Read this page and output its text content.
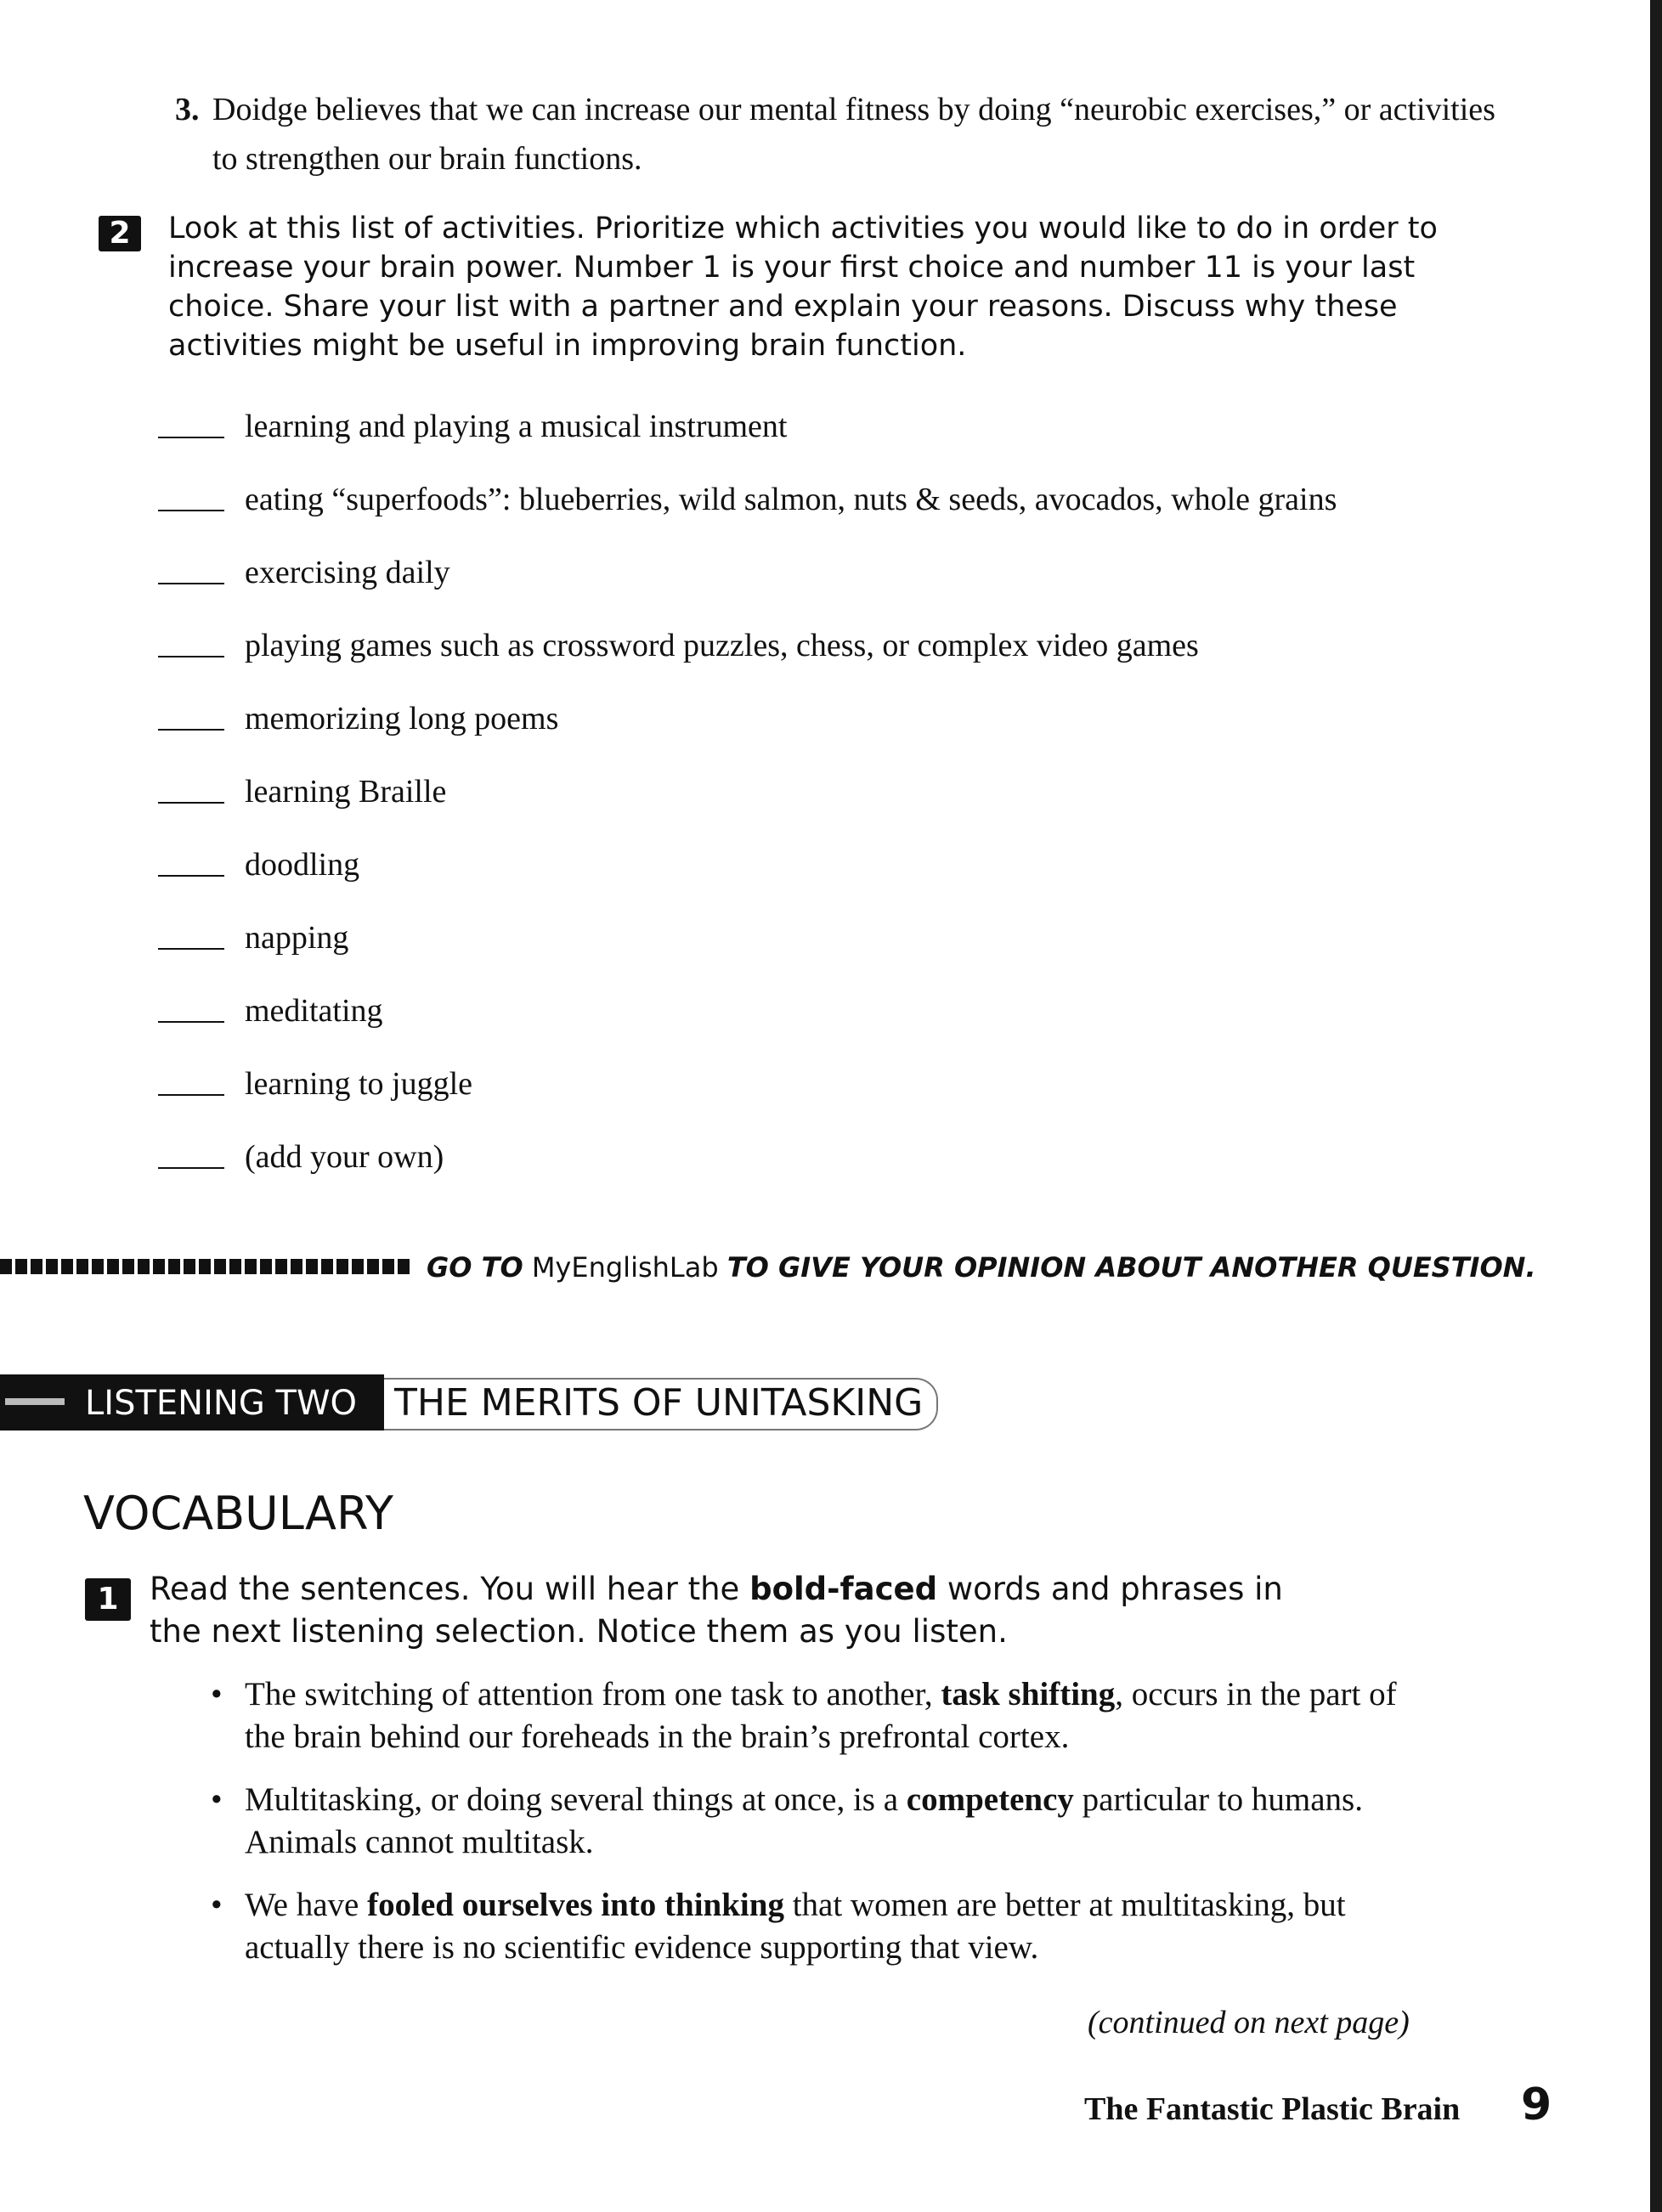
3. Doidge believes that we can increase our mental fitness by doing “neurobic exercises,” or activities to strengthen our brain functions.
2	Look at this list of activities. Prioritize which activities you would like to do in order to increase your brain power. Number 1 is your first choice and number 11 is your last choice. Share your list with a partner and explain your reasons. Discuss why these activities might be useful in improving brain function.
learning and playing a musical instrument
eating “superfoods”: blueberries, wild salmon, nuts & seeds, avocados, whole grains
exercising daily
playing games such as crossword puzzles, chess, or complex video games
memorizing long poems
learning Braille
doodling
napping
meditating
learning to juggle
(add your own)
GO TO MyEnglishLab TO GIVE YOUR OPINION ABOUT ANOTHER QUESTION.
LISTENING TWO THE MERITS OF UNITASKING
VOCABULARY
1 Read the sentences. You will hear the bold-faced words and phrases in the next listening selection. Notice them as you listen.
• The switching of attention from one task to another, task shifting, occurs in the part of the brain behind our foreheads in the brain’s prefrontal cortex.
• Multitasking, or doing several things at once, is a competency particular to humans. Animals cannot multitask.
• We have fooled ourselves into thinking that women are better at multitasking, but actually there is no scientific evidence supporting that view.
(continued on next page)
The Fantastic Plastic Brain 9
